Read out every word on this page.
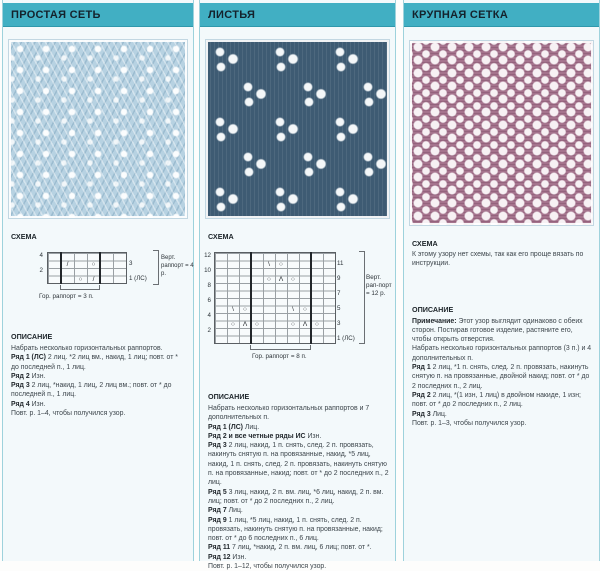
ПРОСТАЯ СЕТЬ
СХЕМА
/	○
○	/
4
2
3
1 (ЛС)
Верт. раппорт = 4 р.
Гор. раппорт = 3 п.
ОПИСАНИЕ

Набрать несколько горизонтальных раппортов.

Ряд 1 (ЛС) 2 лиц. *2 лиц вм., накид, 1 лиц; повт. от * до последней п., 1 лиц.

Ряд 2 Изн.

Ряд 3 2 лиц, *накид, 1 лиц, 2 лиц вм.; повт. от * до последней п., 1 лиц.

Ряд 4 Изн.

Повт. р. 1–4, чтобы получился узор.

ЛИСТЬЯ
СХЕМА
\	○
○	Λ	○
\	○	\	○
○	Λ	○	○	Λ	○
12
10
8
6
4
2
11
9
7
5
3
1 (ЛС)
Верт. рап-порт = 12 р.
Гор. раппорт = 8 п.
ОПИСАНИЕ

Набрать несколько горизонтальных раппортов и 7 дополнительных п.

Ряд 1 (ЛС) Лиц.

Ряд 2 и все четные ряды ИС Изн.

Ряд 3 2 лиц, накид, 1 п. снять, след. 2 п. провязать, накинуть снятую п. на провязанные, накид, *5 лиц, накид, 1 п. снять, след. 2 п. провязать, накинуть снятую п. на провязанные, накид; повт. от * до 2 последних п., 2 лиц.

Ряд 5 3 лиц, накид, 2 п. вм. лиц, *6 лиц, накид, 2 п. вм. лиц; повт. от * до 2 последних п., 2 лиц.

Ряд 7 Лиц.

Ряд 9 1 лиц, *5 лиц, накид, 1 п. снять, след. 2 п. провязать, накинуть снятую п. на провязанные, накид; повт. от * до 6 последних п., 6 лиц.

Ряд 11 7 лиц, *накид, 2 п. вм. лиц, 6 лиц; повт. от *.

Ряд 12 Изн.

Повт. р. 1–12, чтобы получился узор.

КРУПНАЯ СЕТКА
СХЕМА
К этому узору нет схемы, так как его проще вязать по инструкции.
ОПИСАНИЕ

Примечание: Этот узор выглядит одинаково с обеих сторон. Постирав готовое изделие, растяните его, чтобы открыть отверстия.

Набрать несколько горизонтальных раппортов (3 п.) и 4 дополнительных п.

Ряд 1 2 лиц, *1 п. снять, след. 2 п. провязать, накинуть снятую п. на провязанные, двойной накид; повт. от * до 2 последних п., 2 лиц.

Ряд 2 2 лиц, *(1 изн, 1 лиц) в двойном накиде, 1 изн; повт. от * до 2 последних п., 2 лиц.

Ряд 3 Лиц.

Повт. р. 1–3, чтобы получился узор.
